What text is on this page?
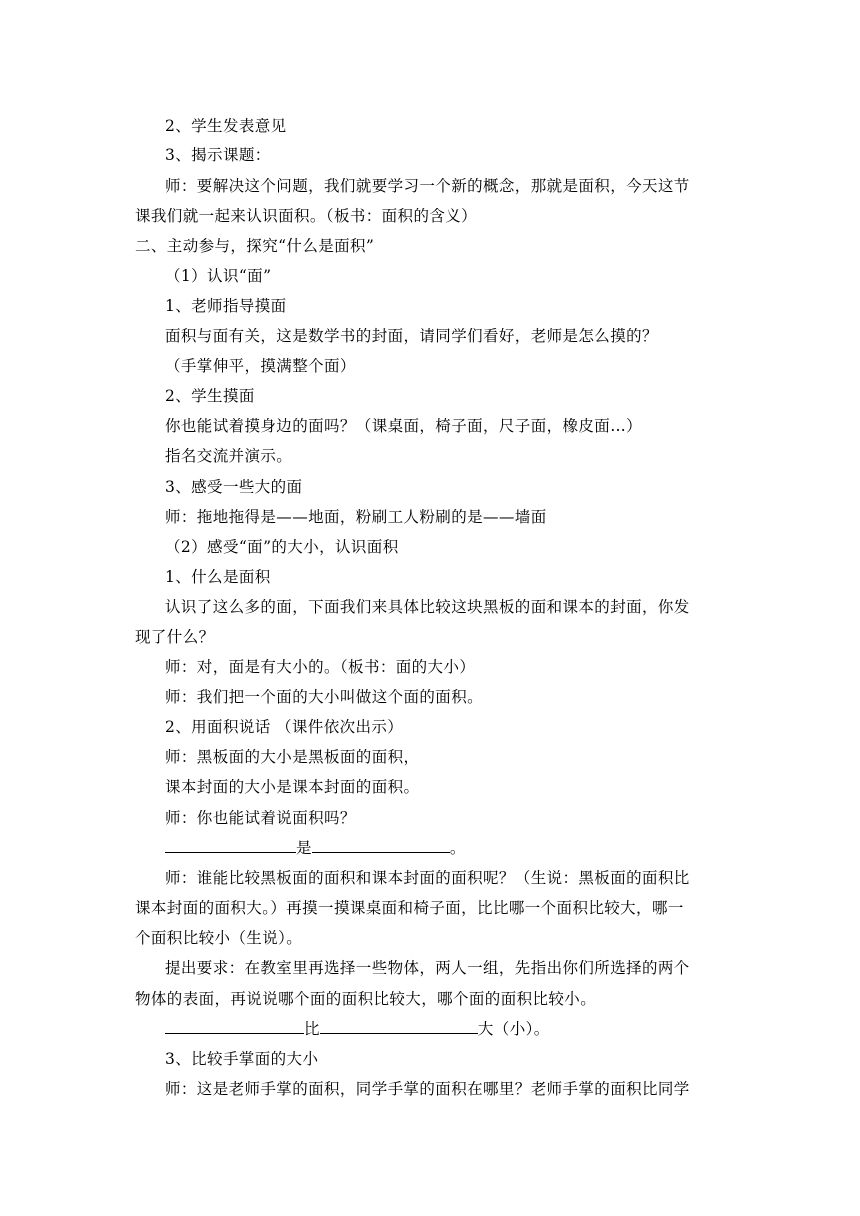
2、学生发表意见
3、揭示课题：
师：要解决这个问题，我们就要学习一个新的概念，那就是面积，今天这节
课我们就一起来认识面积。（板书：面积的含义）
二、主动参与，探究“什么是面积”
（1）认识“面”
1、老师指导摸面
面积与面有关，这是数学书的封面，请同学们看好，老师是怎么摸的？
（手掌伸平，摸满整个面）
2、学生摸面
你也能试着摸身边的面吗？（课桌面，椅子面，尺子面，橡皮面…）
指名交流并演示。
3、感受一些大的面
师：拖地拖得是——地面，粉刷工人粉刷的是——墙面
（2）感受“面”的大小，认识面积
1、什么是面积
认识了这么多的面，下面我们来具体比较这块黑板的面和课本的封面，你发
现了什么？
师：对，面是有大小的。（板书：面的大小）
师：我们把一个面的大小叫做这个面的面积。
2、用面积说话 （课件依次出示）
师：黑板面的大小是黑板面的面积，
课本封面的大小是课本封面的面积。
师：你也能试着说面积吗？
是	。
师：谁能比较黑板面的面积和课本封面的面积呢？（生说：黑板面的面积比
课本封面的面积大。）再摸一摸课桌面和椅子面，比比哪一个面积比较大，哪一
个面积比较小（生说）。
提出要求：在教室里再选择一些物体，两人一组，先指出你们所选择的两个
物体的表面，再说说哪个面的面积比较大，哪个面的面积比较小。
比	大（小）。
3、比较手掌面的大小
师：这是老师手掌的面积，同学手掌的面积在哪里？老师手掌的面积比同学
